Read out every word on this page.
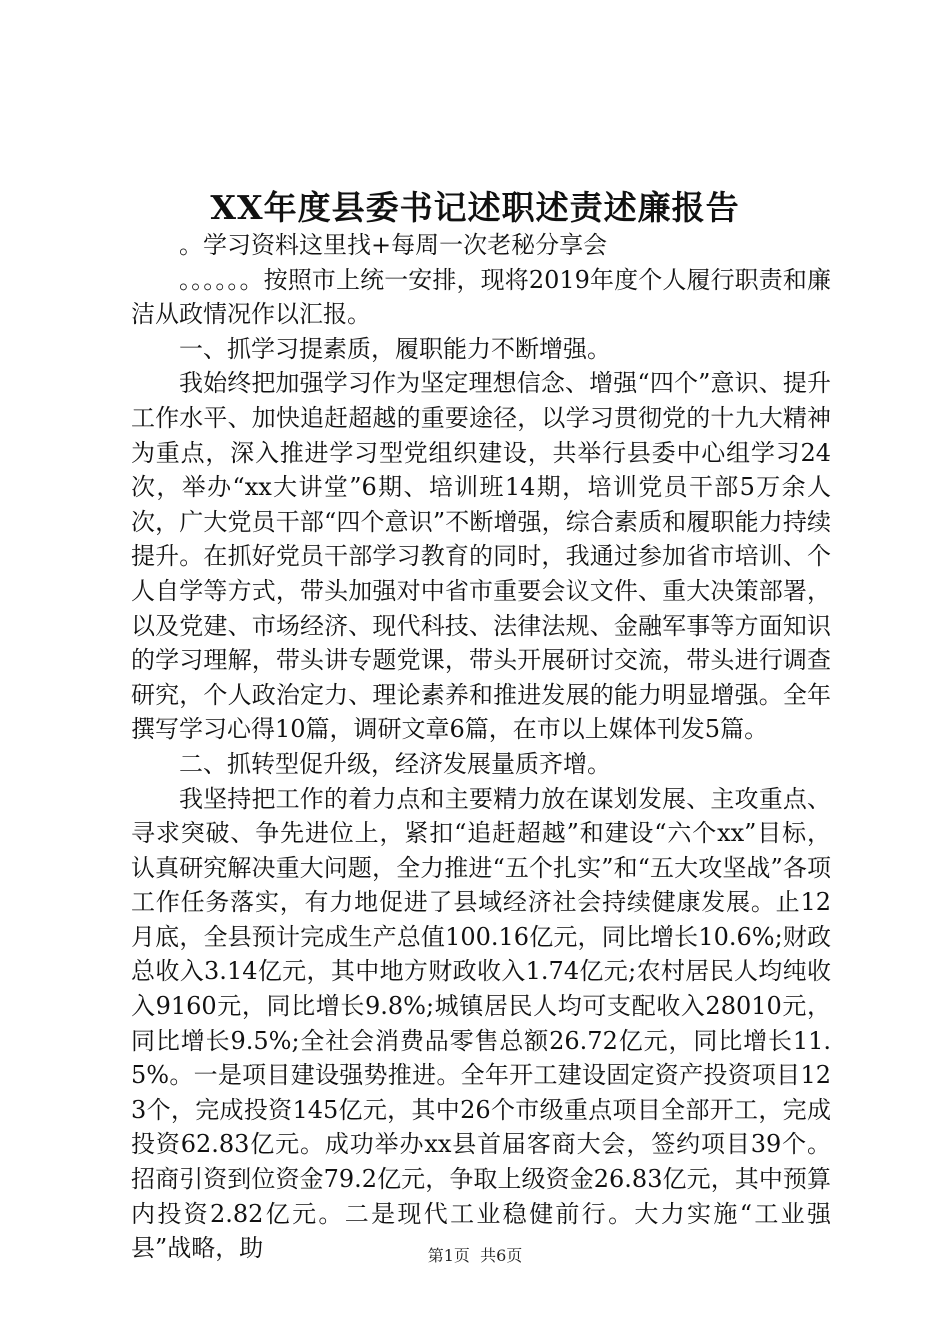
XX年度县委书记述职述责述廉报告

。学习资料这里找+每周一次老秘分享会

。。。。。。按照市上统一安排，现将2019年度个人履行职责和廉洁从政情况作以汇报。

一、抓学习提素质，履职能力不断增强。

我始终把加强学习作为坚定理想信念、增强“四个”意识、提升工作水平、加快追赶超越的重要途径，以学习贯彻党的十九大精神为重点，深入推进学习型党组织建设，共举行县委中心组学习24次，举办“xx大讲堂”6期、培训班14期，培训党员干部5万余人次，广大党员干部“四个意识”不断增强，综合素质和履职能力持续提升。在抓好党员干部学习教育的同时，我通过参加省市培训、个人自学等方式，带头加强对中省市重要会议文件、重大决策部署，以及党建、市场经济、现代科技、法律法规、金融军事等方面知识的学习理解，带头讲专题党课，带头开展研讨交流，带头进行调查研究，个人政治定力、理论素养和推进发展的能力明显增强。全年撰写学习心得10篇，调研文章6篇，在市以上媒体刊发5篇。

二、抓转型促升级，经济发展量质齐增。

我坚持把工作的着力点和主要精力放在谋划发展、主攻重点、寻求突破、争先进位上，紧扣“追赶超越”和建设“六个xx”目标，认真研究解决重大问题，全力推进“五个扎实”和“五大攻坚战”各项工作任务落实，有力地促进了县域经济社会持续健康发展。止12月底，全县预计完成生产总值100.16亿元，同比增长10.6%;财政总收入3.14亿元，其中地方财政收入1.74亿元;农村居民人均纯收入9160元，同比增长9.8%;城镇居民人均可支配收入28010元，同比增长9.5%;全社会消费品零售总额26.72亿元，同比增长11.5%。一是项目建设强势推进。全年开工建设固定资产投资项目123个，完成投资145亿元，其中26个市级重点项目全部开工，完成投资62.83亿元。成功举办xx县首届客商大会，签约项目39个。招商引资到位资金79.2亿元，争取上级资金26.83亿元，其中预算内投资2.82亿元。二是现代工业稳健前行。大力实施“工业强县”战略，助	第1页 共6页
